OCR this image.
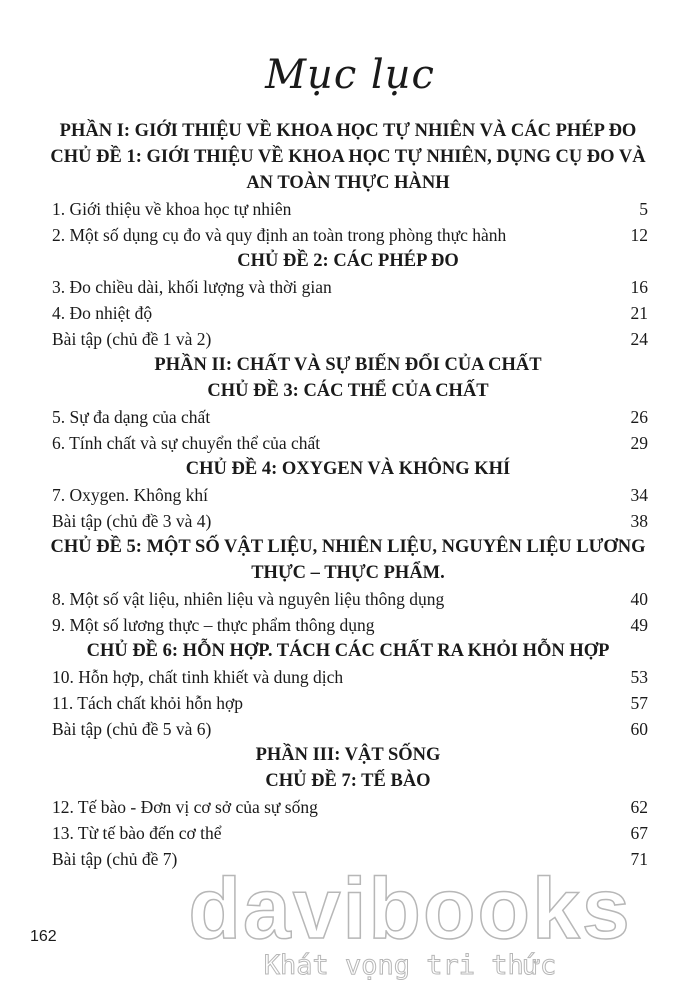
Mục lục
PHẦN I: GIỚI THIỆU VỀ KHOA HỌC TỰ NHIÊN VÀ CÁC PHÉP ĐO
CHỦ ĐỀ 1: GIỚI THIỆU VỀ KHOA HỌC TỰ NHIÊN, DỤNG CỤ ĐO VÀ AN TOÀN THỰC HÀNH
1. Giới thiệu về khoa học tự nhiên	5
2. Một số dụng cụ đo và quy định an toàn trong phòng thực hành	12
CHỦ ĐỀ 2: CÁC PHÉP ĐO
3. Đo chiều dài, khối lượng và thời gian	16
4. Đo nhiệt độ	21
Bài tập (chủ đề 1 và 2)	24
PHẦN II: CHẤT VÀ SỰ BIẾN ĐỔI CỦA CHẤT
CHỦ ĐỀ 3: CÁC THỂ CỦA CHẤT
5. Sự đa dạng của chất	26
6. Tính chất và sự chuyển thể của chất	29
CHỦ ĐỀ 4: OXYGEN VÀ KHÔNG KHÍ
7. Oxygen. Không khí	34
Bài tập (chủ đề 3 và 4)	38
CHỦ ĐỀ 5: MỘT SỐ VẬT LIỆU, NHIÊN LIỆU, NGUYÊN LIỆU LƯƠNG THỰC – THỰC PHẨM.
8. Một số vật liệu, nhiên liệu và nguyên liệu thông dụng	40
9. Một số lương thực – thực phẩm thông dụng	49
CHỦ ĐỀ 6: HỖN HỢP. TÁCH CÁC CHẤT RA KHỎI HỖN HỢP
10. Hỗn hợp, chất tinh khiết và dung dịch	53
11. Tách chất khỏi hỗn hợp	57
Bài tập (chủ đề 5 và 6)	60
PHẦN III: VẬT SỐNG
CHỦ ĐỀ 7: TẾ BÀO
12. Tế bào - Đơn vị cơ sở của sự sống	62
13. Từ tế bào đến cơ thể	67
Bài tập (chủ đề 7)	71
162	davibooks
Khát vọng tri thức
